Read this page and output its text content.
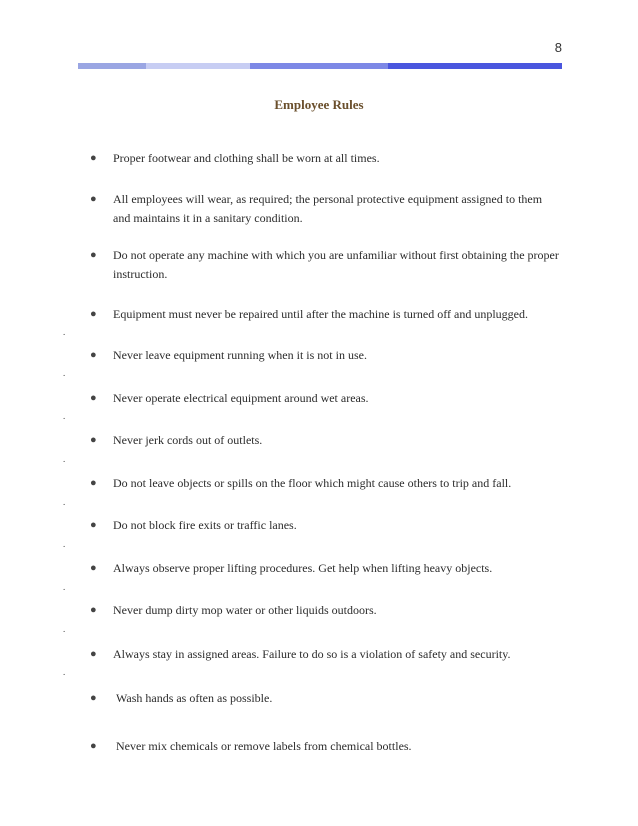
8
Employee Rules
●	Proper footwear and clothing shall be worn at all times.
●	All employees will wear, as required; the personal protective equipment assigned to them and maintains it in a sanitary condition.
●	Do not operate any machine with which you are unfamiliar without first obtaining the proper instruction.
●	Equipment must never be repaired until after the machine is turned off and unplugged.
.
●	Never leave equipment running when it is not in use.
.
●	Never operate electrical equipment around wet areas.
.
●	Never jerk cords out of outlets.
.
●	Do not leave objects or spills on the floor which might cause others to trip and fall.
.
●	Do not block fire exits or traffic lanes.
.
●	Always observe proper lifting procedures. Get help when lifting heavy objects.
.
●	Never dump dirty mop water or other liquids outdoors.
.
●	Always stay in assigned areas. Failure to do so is a violation of safety and security.
.
●	Wash hands as often as possible.
●	Never mix chemicals or remove labels from chemical bottles.
